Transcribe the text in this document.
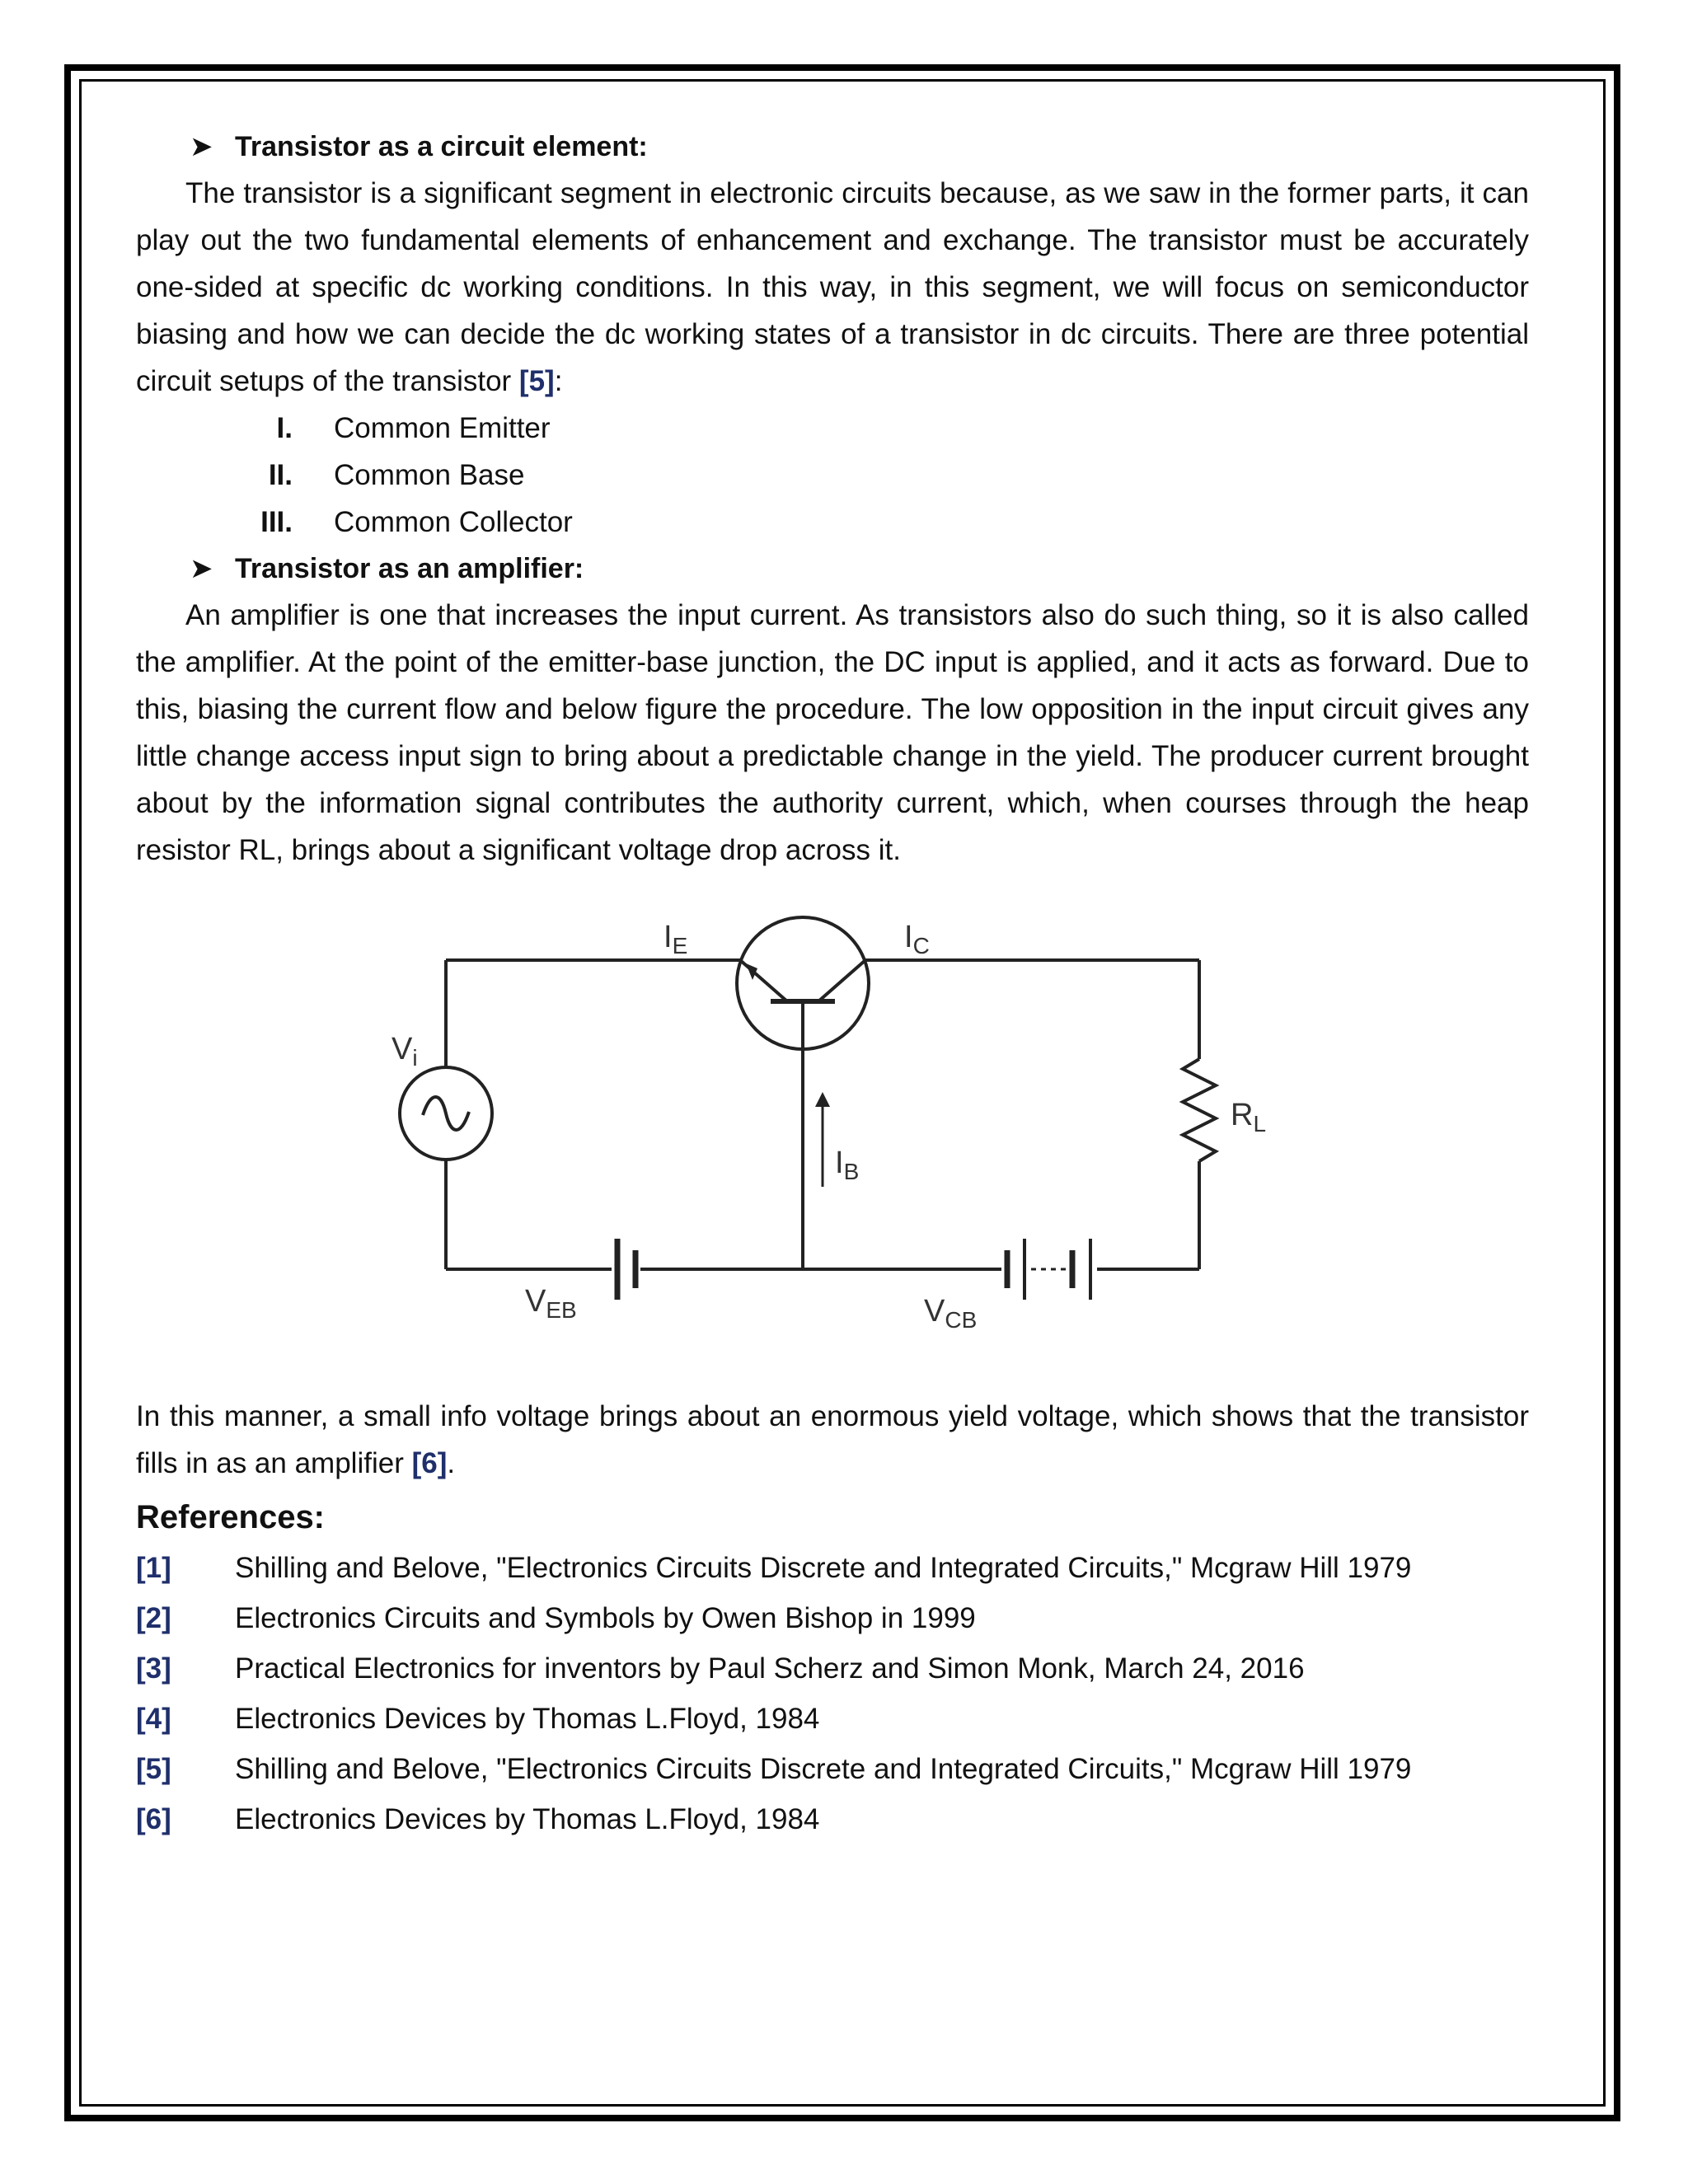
➤ Transistor as a circuit element:

The transistor is a significant segment in electronic circuits because, as we saw in the former parts, it can play out the two fundamental elements of enhancement and exchange. The transistor must be accurately one-sided at specific dc working conditions. In this way, in this segment, we will focus on semiconductor biasing and how we can decide the dc working states of a transistor in dc circuits. There are three potential circuit setups of the transistor [5]:

I. Common Emitter
II. Common Base
III. Common Collector
➤ Transistor as an amplifier:

An amplifier is one that increases the input current. As transistors also do such thing, so it is also called the amplifier. At the point of the emitter-base junction, the DC input is applied, and it acts as forward. Due to this, biasing the current flow and below figure the procedure. The low opposition in the input circuit gives any little change access input sign to bring about a predictable change in the yield. The producer current brought about by the information signal contributes the authority current, which, when courses through the heap resistor RL, brings about a significant voltage drop across it.

$I_E$	$I_C$
$I_B$
$V_i$
$R_L$
$V_{EB}$	$V_{CB}$

In this manner, a small info voltage brings about an enormous yield voltage, which shows that the transistor fills in as an amplifier [6].

References:
[1] Shilling and Belove, "Electronics Circuits Discrete and Integrated Circuits," Mcgraw Hill 1979
[2] Electronics Circuits and Symbols by Owen Bishop in 1999
[3] Practical Electronics for inventors by Paul Scherz and Simon Monk, March 24, 2016
[4] Electronics Devices by Thomas L.Floyd, 1984
[5] Shilling and Belove, "Electronics Circuits Discrete and Integrated Circuits," Mcgraw Hill 1979
[6] Electronics Devices by Thomas L.Floyd, 1984
